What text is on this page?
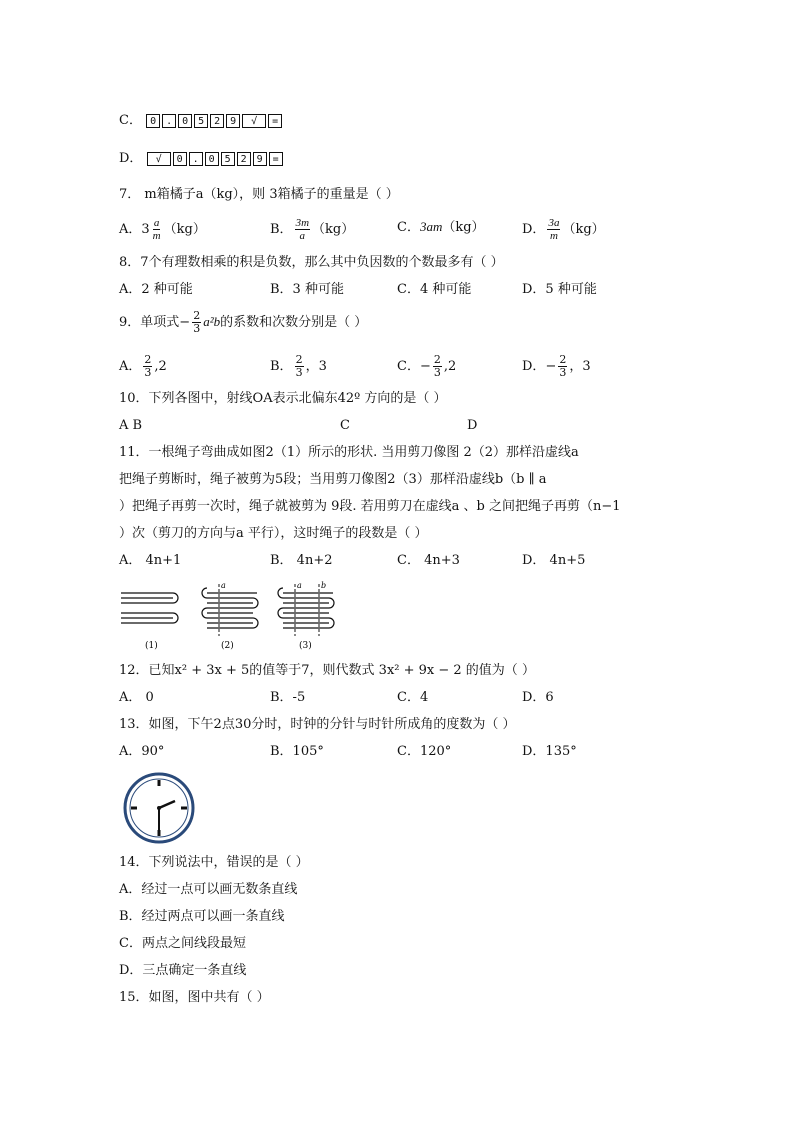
C． 0 . 0 5 2 9	√	=
D．	√	0 . 0 5 2 9 =
7． m箱橘子a（kg），则 3箱橘子的重量是（ ）
A．$3 \frac{a}{m} (kg)$	B． $\frac{3m}{a} (kg)$	C．3am（kg）	D． $\frac{3a}{m} (kg)$
8．7个有理数相乘的积是负数，那么其中负因数的个数最多有（ ）
A．2 种可能	B．3 种可能	C．4 种可能	D．5 种可能
9．单项式− $\frac{2}{3} a^2b$的系数和次数分别是（ ）
A． $\frac{2}{3} ,2$	B． $\frac{2}{3}$ ，3	C．− $\frac{2}{3} ,2$	D．− $\frac{2}{3}$ ，3
10．下列各图中，射线OA表示北偏东42º 方向的是（ ）
A B	C	D
11．一根绳子弯曲成如图2（1）所示的形状. 当用剪刀像图 2（2）那样沿虚线a
把绳子剪断时，绳子被剪为5段；当用剪刀像图2（3）那样沿虚线b（b ∥ a
）把绳子再剪一次时，绳子就被剪为 9段. 若用剪刀在虚线a 、b 之间把绳子再剪（n−1
）次（剪刀的方向与a 平行），这时绳子的段数是（ ）
A． 4n+1	B． 4n+2	C． 4n+3	D． 4n+5
a	a b
(1)	(2)	(3)
12．已知x² + 3x + 5的值等于7，则代数式 3x² + 9x − 2 的值为（ ）
A． 0	B．-5	C．4	D．6
13．如图，下午2点30分时，时钟的分针与时针所成角的度数为（ ）
A．90°	B．105°	C．120°	D．135°
14．下列说法中，错误的是（ ）
A．经过一点可以画无数条直线
B．经过两点可以画一条直线
C．两点之间线段最短
D．三点确定一条直线
15．如图，图中共有（ ）
